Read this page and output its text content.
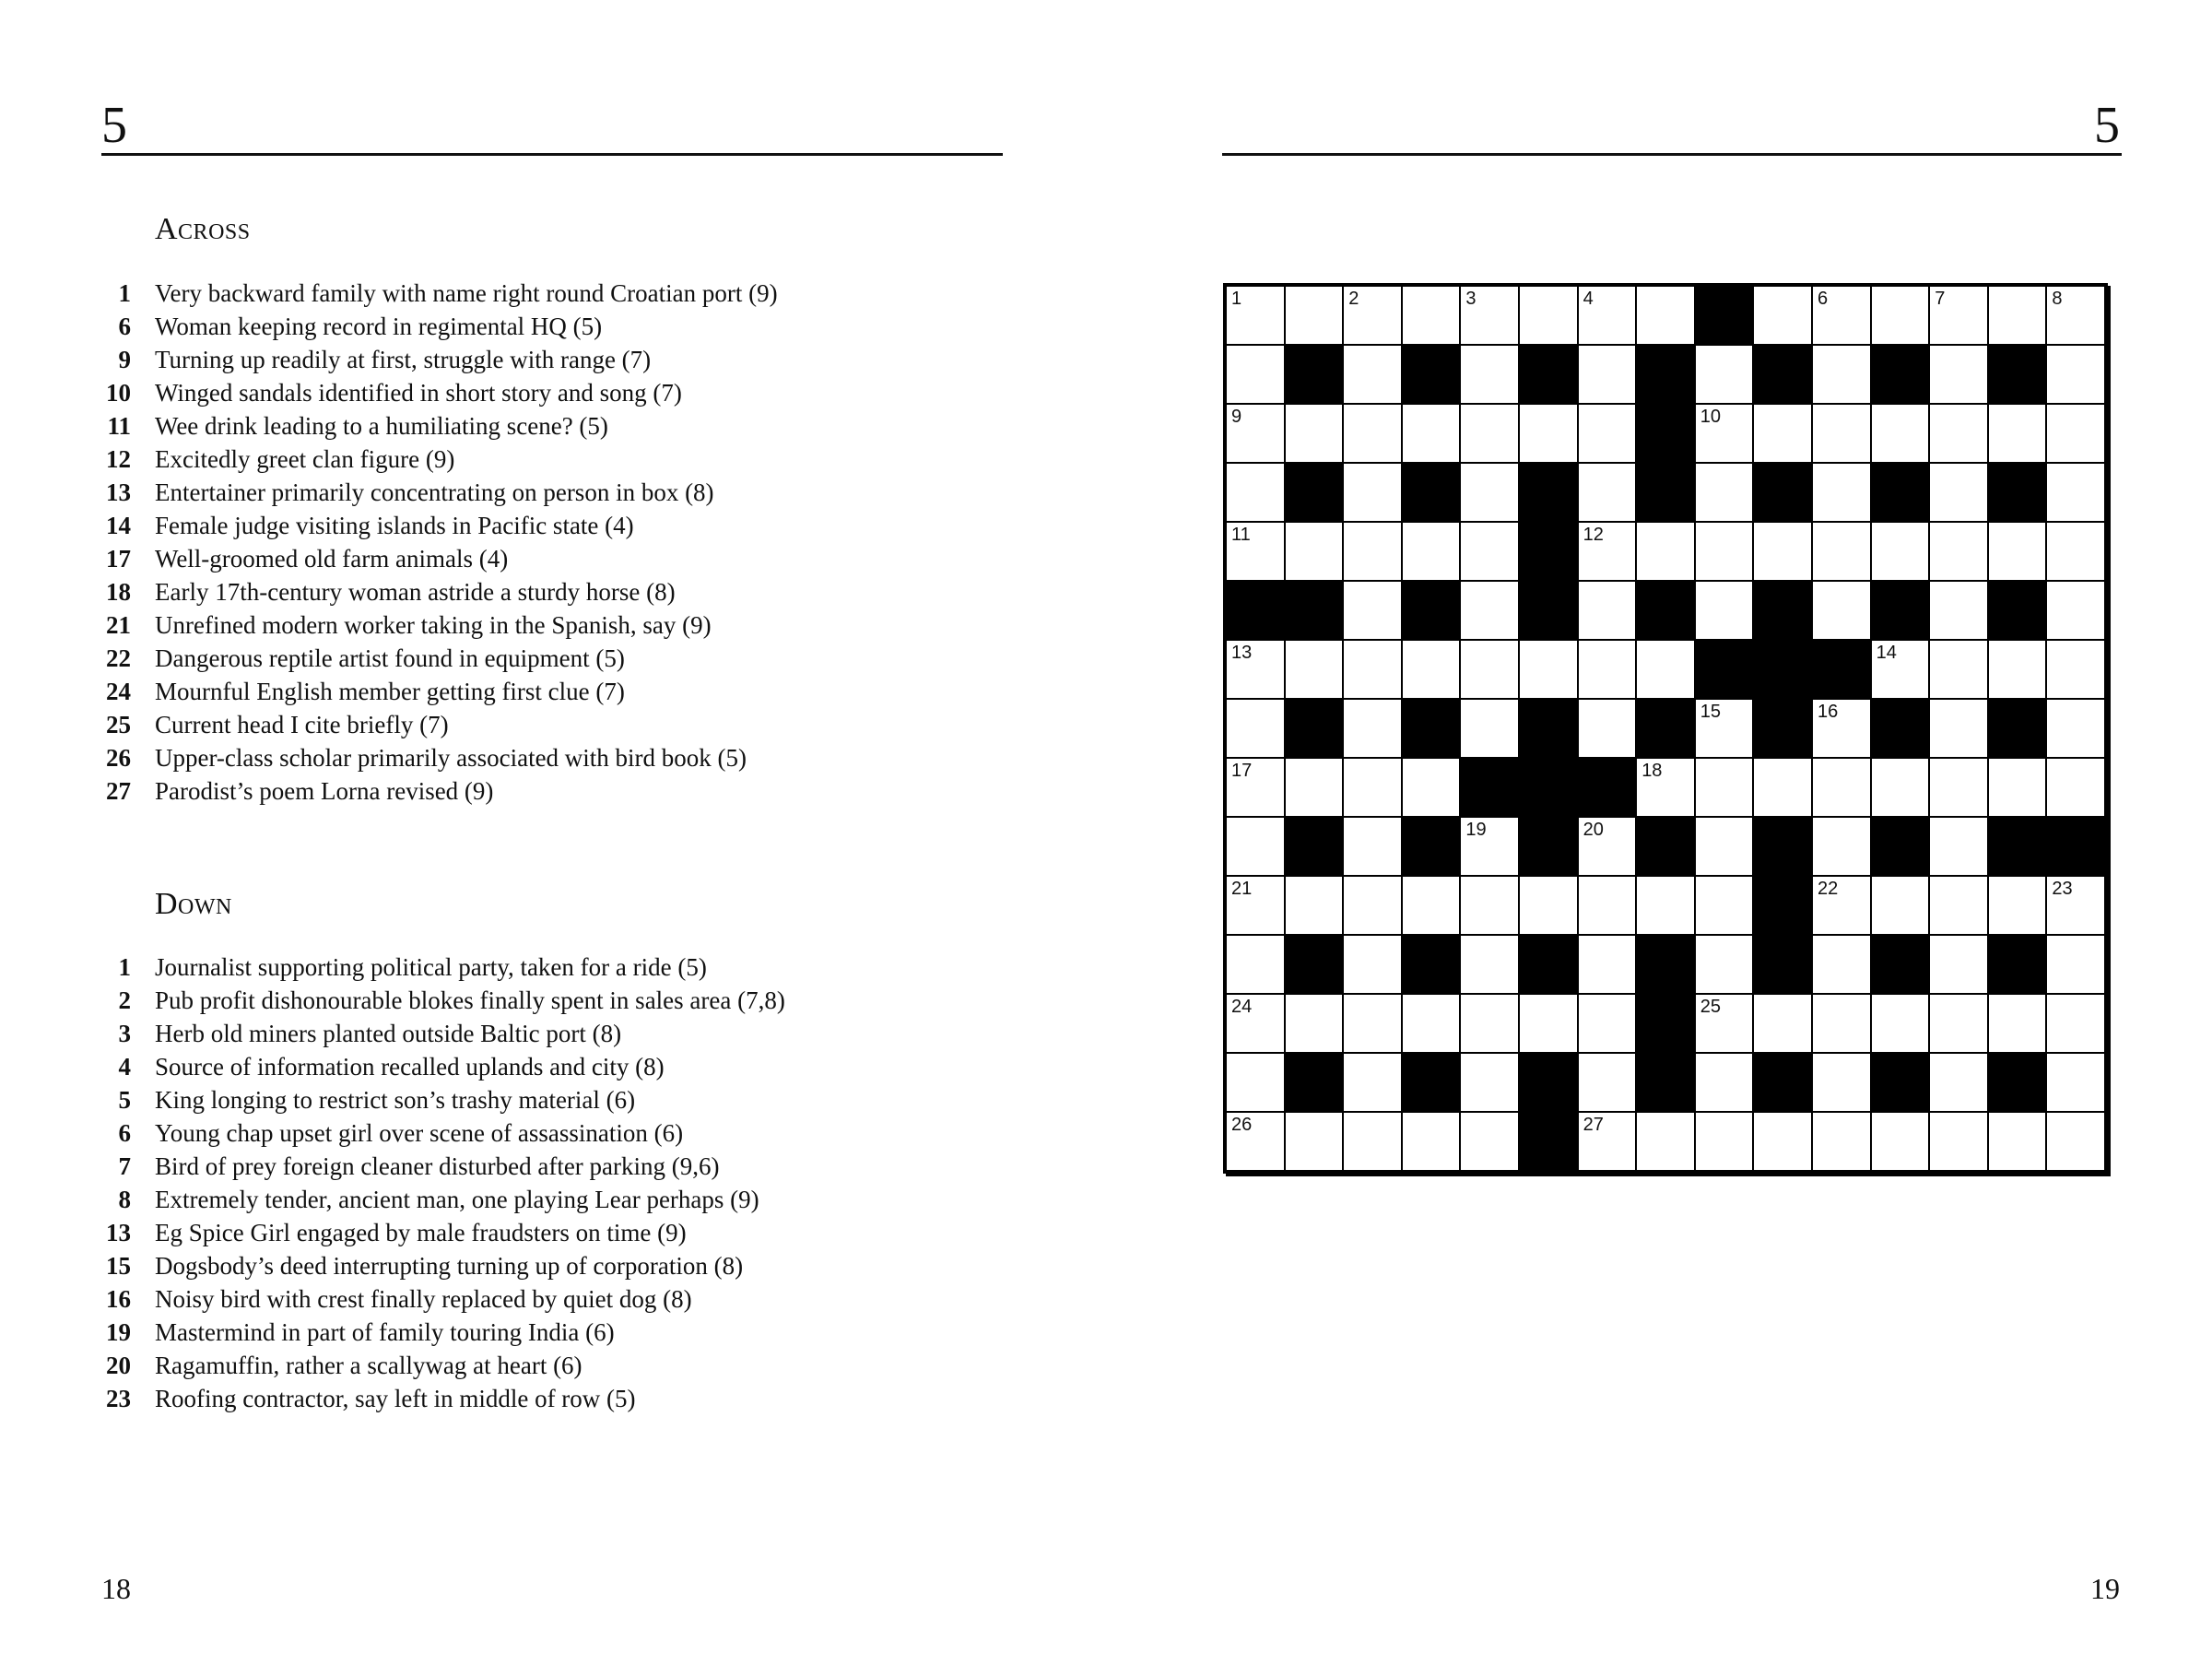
5
Across
1 Very backward family with name right round Croatian port (9)
6 Woman keeping record in regimental HQ (5)
9 Turning up readily at first, struggle with range (7)
10 Winged sandals identified in short story and song (7)
11 Wee drink leading to a humiliating scene? (5)
12 Excitedly greet clan figure (9)
13 Entertainer primarily concentrating on person in box (8)
14 Female judge visiting islands in Pacific state (4)
17 Well-groomed old farm animals (4)
18 Early 17th-century woman astride a sturdy horse (8)
21 Unrefined modern worker taking in the Spanish, say (9)
22 Dangerous reptile artist found in equipment (5)
24 Mournful English member getting first clue (7)
25 Current head I cite briefly (7)
26 Upper-class scholar primarily associated with bird book (5)
27 Parodist’s poem Lorna revised (9)
Down
1 Journalist supporting political party, taken for a ride (5)
2 Pub profit dishonourable blokes finally spent in sales area (7,8)
3 Herb old miners planted outside Baltic port (8)
4 Source of information recalled uplands and city (8)
5 King longing to restrict son’s trashy material (6)
6 Young chap upset girl over scene of assassination (6)
7 Bird of prey foreign cleaner disturbed after parking (9,6)
8 Extremely tender, ancient man, one playing Lear perhaps (9)
13 Eg Spice Girl engaged by male fraudsters on time (9)
15 Dogsbody’s deed interrupting turning up of corporation (8)
16 Noisy bird with crest finally replaced by quiet dog (8)
19 Mastermind in part of family touring India (6)
20 Ragamuffin, rather a scallywag at heart (6)
23 Roofing contractor, say left in middle of row (5)
18
5
19
1	2	3	4	6	7	8
9	10
11	12
13	14
15	16
17	18
19	20
21	22	23
24	25
26	27
